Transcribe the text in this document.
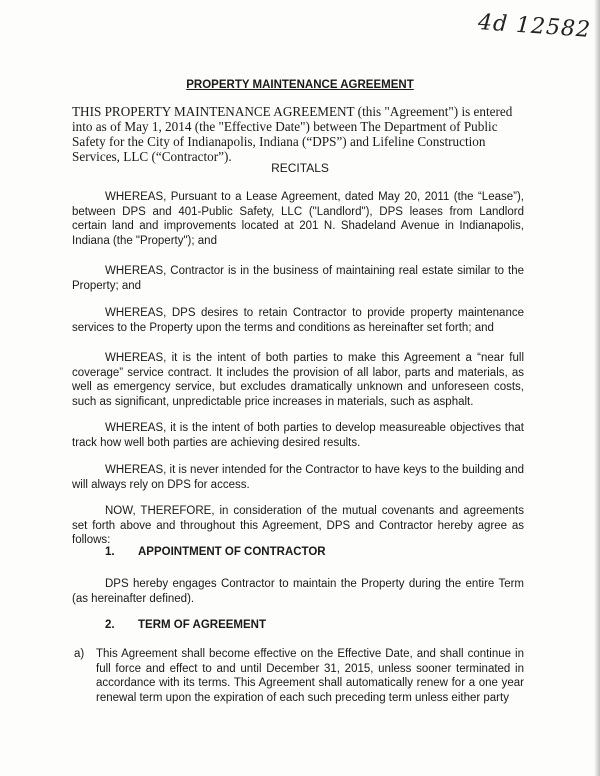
4d 12582
PROPERTY MAINTENANCE AGREEMENT

THIS PROPERTY MAINTENANCE AGREEMENT (this "Agreement") is entered into as of May 1, 2014 (the "Effective Date") between The Department of Public Safety for the City of Indianapolis, Indiana (“DPS”) and Lifeline Construction Services, LLC (“Contractor”).

RECITALS

WHEREAS, Pursuant to a Lease Agreement, dated May 20, 2011 (the “Lease”), between DPS and 401-Public Safety, LLC ("Landlord"), DPS leases from Landlord certain land and improvements located at 201 N. Shadeland Avenue in Indianapolis, Indiana (the "Property"); and

WHEREAS, Contractor is in the business of maintaining real estate similar to the Property; and

WHEREAS, DPS desires to retain Contractor to provide property maintenance services to the Property upon the terms and conditions as hereinafter set forth; and

WHEREAS, it is the intent of both parties to make this Agreement a “near full coverage” service contract. It includes the provision of all labor, parts and materials, as well as emergency service, but excludes dramatically unknown and unforeseen costs, such as significant, unpredictable price increases in materials, such as asphalt.

WHEREAS, it is the intent of both parties to develop measureable objectives that track how well both parties are achieving desired results.

WHEREAS, it is never intended for the Contractor to have keys to the building and will always rely on DPS for access.

NOW, THEREFORE, in consideration of the mutual covenants and agreements set forth above and throughout this Agreement, DPS and Contractor hereby agree as follows:

1. APPOINTMENT OF CONTRACTOR

DPS hereby engages Contractor to maintain the Property during the entire Term (as hereinafter defined).

2. TERM OF AGREEMENT
a) This Agreement shall become effective on the Effective Date, and shall continue in full force and effect to and until December 31, 2015, unless sooner terminated in accordance with its terms. This Agreement shall automatically renew for a one year renewal term upon the expiration of each such preceding term unless either party
